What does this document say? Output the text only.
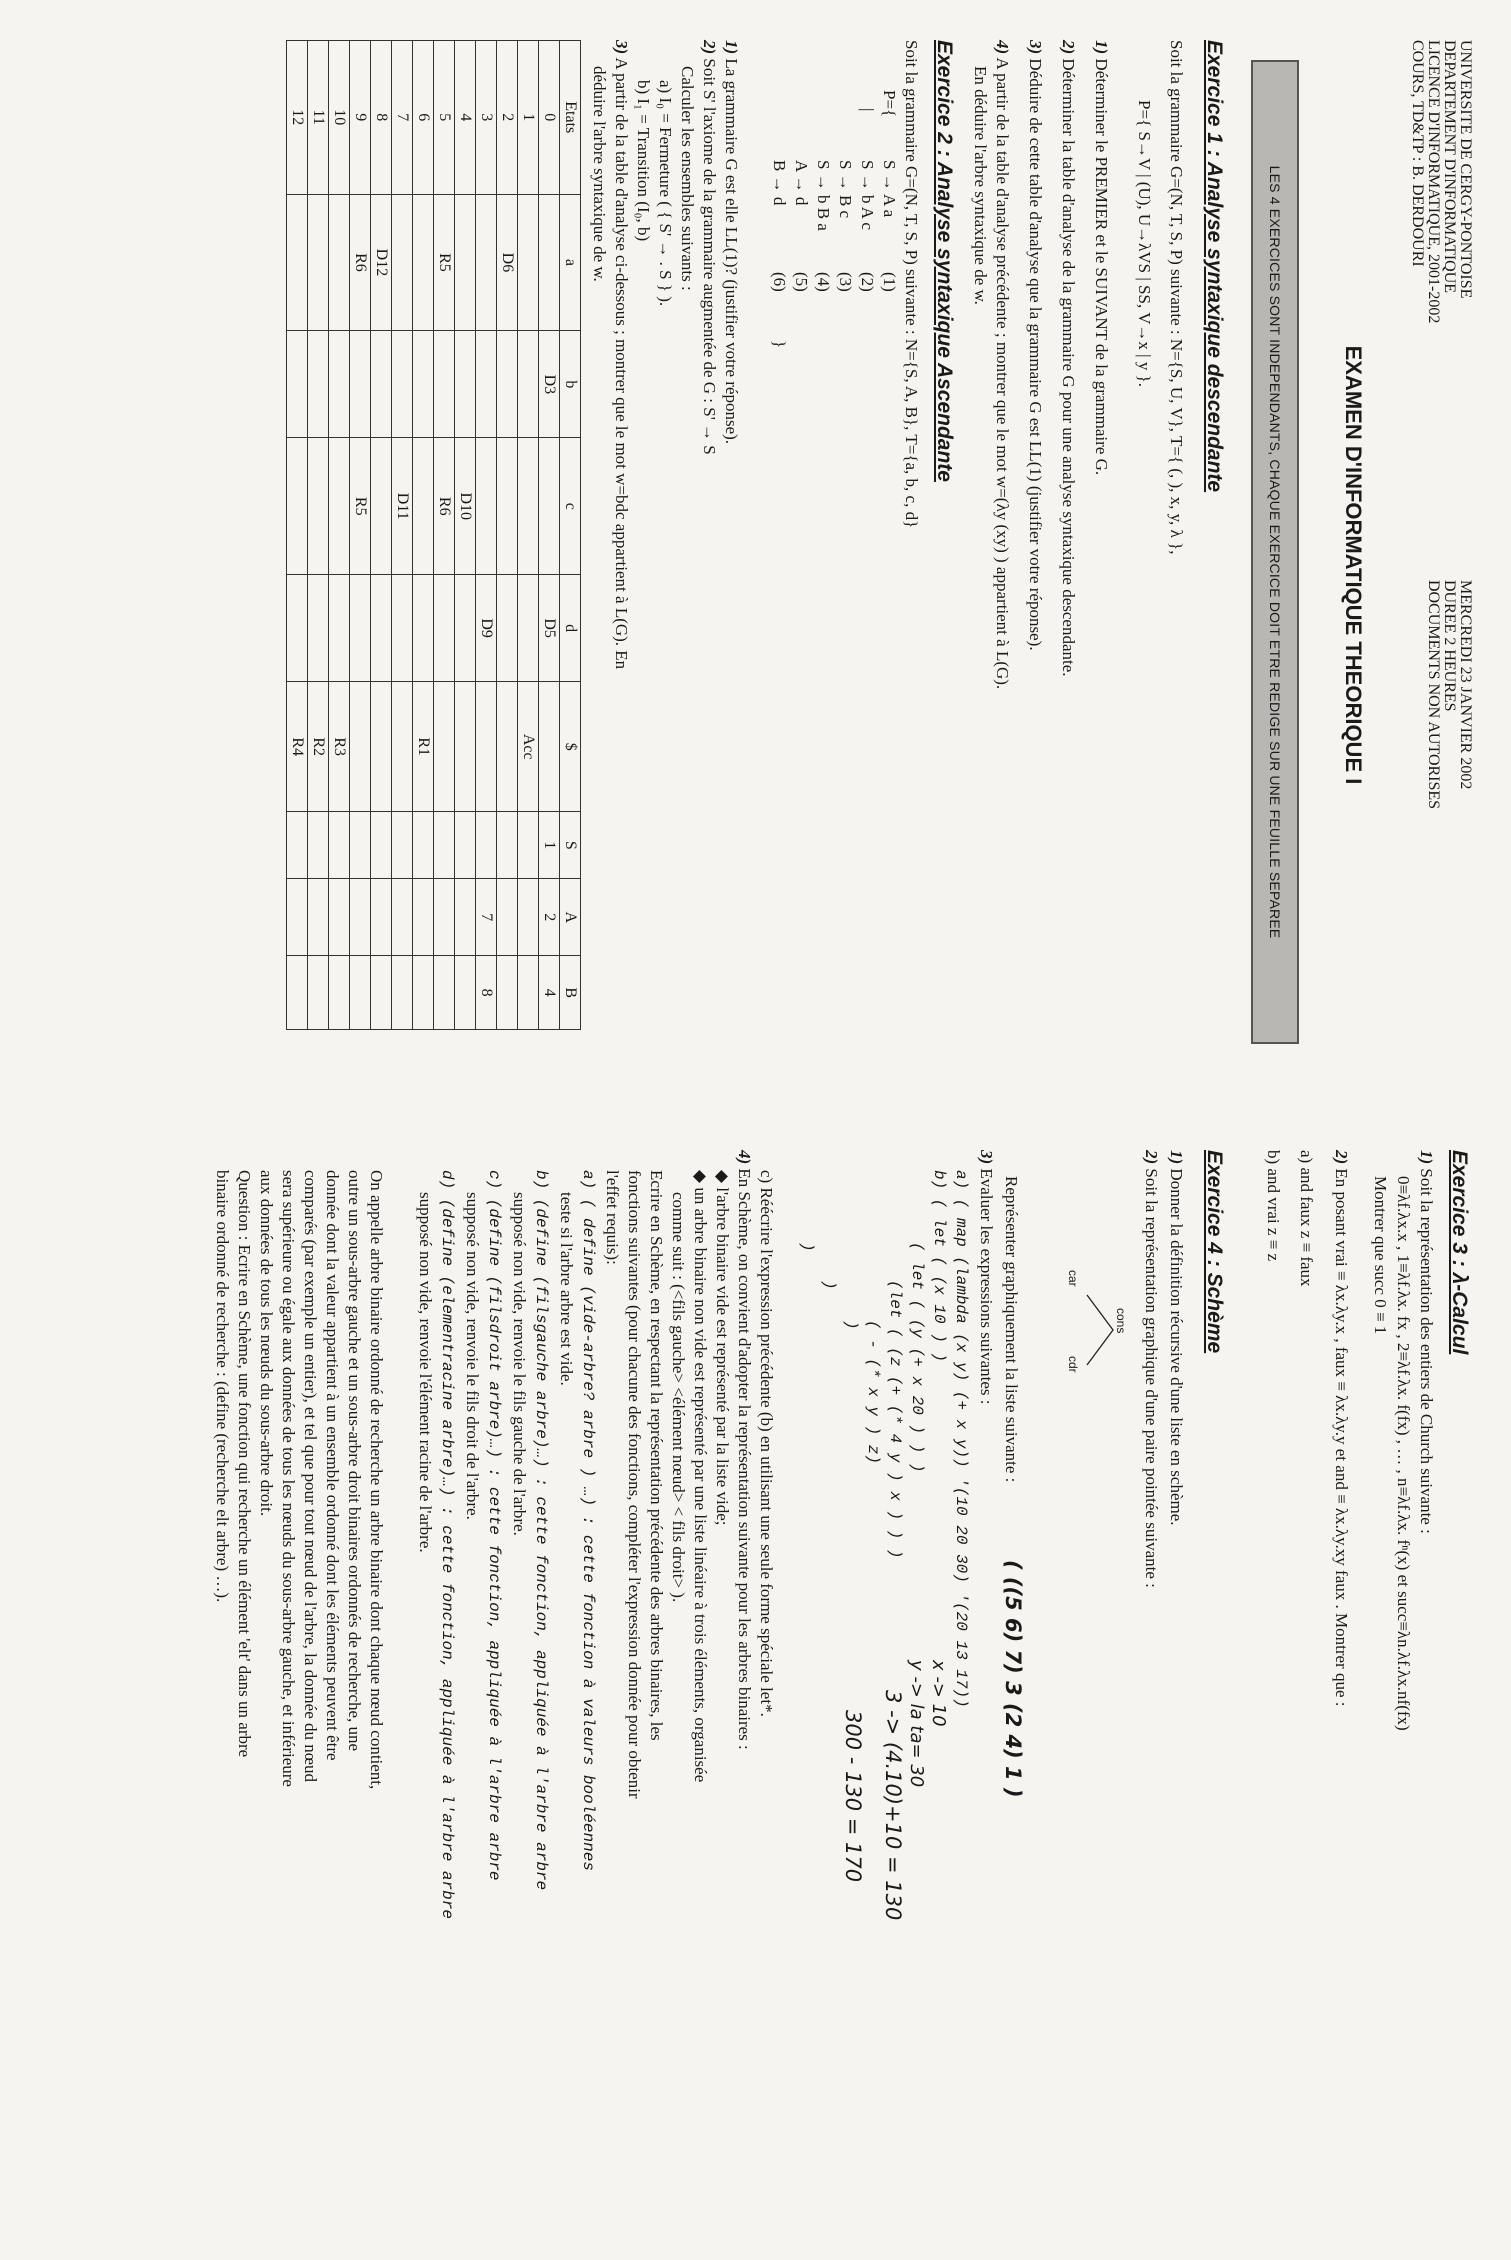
UNIVERSITE DE CERGY-PONTOISE
DEPARTEMENT D'INFORMATIQUE
LICENCE D'INFORMATIQUE, 2001-2002
COURS, TD&TP : B. DERDOURI
MERCREDI 23 JANVIER 2002
DUREE 2 HEURES
DOCUMENTS NON AUTORISES
EXAMEN D'INFORMATIQUE THEORIQUE I
LES 4 EXERCICES SONT INDEPENDANTS, CHAQUE EXERCICE DOIT ETRE REDIGE SUR UNE FEUILLE SEPAREE
Exercice 1 : Analyse syntaxique descendante
Soit la grammaire G=(N, T, S, P) suivante : N={S, U, V}, T={ (, ), x, y, λ },
P={ S→V | (U), U→λVS | SS, V→x | y }.
1) Déterminer le PREMIER et le SUIVANT de la grammaire G.
2) Déterminer la table d'analyse de la grammaire G pour une analyse syntaxique descendante.
3) Déduire de cette table d'analyse que la grammaire G est LL(1) (justifier votre réponse).
4) A partir de la table d'analyse précédente ; montrer que le mot w=(λy (xy) ) appartient à L(G).
En déduire l'arbre syntaxique de w.
Exercice 2 : Analyse syntaxique Ascendante
Soit la grammaire G=(N, T, S, P) suivante : N={S, A, B}, T={a, b, c, d}
P={
|
S → A a
(1)
S → b A c
(2)
S → B c
(3)
S → b B a
(4)
A → d
(5)
B → d
(6)
}
1) La grammaire G est elle LL(1)? (justifier votre réponse).
2) Soit S' l'axiome de la grammaire augmentée de G : S' → S
Calculer les ensembles suivants :
a) I₀ = Fermeture ( { S' → . S } ).
b) I₁ = Transition (I₀, b)
3) A partir de la table d'analyse ci-dessous ; montrer que le mot w=bdc appartient à L(G). En
déduire l'arbre syntaxique de w.
Etats	a	b	c	d	$	S	A	B
0		D3		D5		1	2	4
1					Acc			
2	D6							
3				D9			7	8
4			D10					
5	R5		R6					
6					R1			
7			D11					
8	D12							
9	R6		R5					
10					R3			
11					R2			
12					R4			
Exercice 3 : λ-Calcul
1) Soit la représentation des entiers de Church suivante :
0≡λf.λx.x , 1≡λf.λx. fx , 2≡λf.λx. f(fx) , … , n≡λf.λx. fⁿ(x) et succ≡λn.λf.λx.nf(fx)
Montrer que succ 0 ≡ 1
2) En posant vrai ≡ λx.λy.x , faux ≡ λx.λy.y et and ≡ λx.λy.xy faux . Montrer que :
a) and faux z ≡ faux
b) and vrai z ≡ z
Exercice 4 : Schème
1) Donner la définition récursive d'une liste en schème.
2) Soit la représentation graphique d'une paire pointée suivante :
cons
car
cdr
Représenter graphiquement la liste suivante :
( ((5 6) 7) 3 (2 4) 1 )
3) Evaluer les expressions suivantes :
a) ( map (lambda (x y) (+ x y)) '(10 20 30) '(20 13 17))
b) ( let ( (x 10 ) )
( let ( (y (+ x 20 ) ) )
(let ( (z (+ (* 4 y ) x ) ) )
( - (* x y ) z)
)
)
)
x -> 10
y -> la ta= 30
3 -> (4.10)+10 = 130
300 - 130 = 170
c) Réécrire l'expression précédente (b) en utilisant une seule forme spéciale let*.
4) En Schème, on convient d'adopter la représentation suivante pour les arbres binaires :
◆ l'arbre binaire vide est représenté par la liste vide;
◆ un arbre binaire non vide est représenté par une liste linéaire à trois éléments, organisée
comme suit : (<fils gauche> <élément nœud> < fils droit> ).
Ecrire en Schème, en respectant la représentation précédente des arbres binaires, les
fonctions suivantes (pour chacune des fonctions, compléter l'expression donnée pour obtenir
l'effet requis):
a) ( define (vide-arbre? arbre ) …) : cette fonction à valeurs booléennes
teste si l'arbre arbre est vide.
b) (define (filsgauche arbre)…) : cette fonction, appliquée à l'arbre arbre
supposé non vide, renvoie le fils gauche de l'arbre.
c) (define (filsdroit arbre)…) : cette fonction, appliquée à l'arbre arbre
supposé non vide, renvoie le fils droit de l'arbre.
d) (define (elementracine arbre)…) : cette fonction, appliquée à l'arbre arbre
supposé non vide, renvoie l'élément racine de l'arbre.
On appelle arbre binaire ordonné de recherche un arbre binaire dont chaque nœud contient,
outre un sous-arbre gauche et un sous-arbre droit binaires ordonnés de recherche, une
donnée dont la valeur appartient à un ensemble ordonné dont les éléments peuvent être
comparés (par exemple un entier), et tel que pour tout nœud de l'arbre, la donnée du nœud
sera supérieure ou égale aux données de tous les nœuds du sous-arbre gauche, et inférieure
aux données de tous les nœuds du sous-arbre droit.
Question : Ecrire en Schème, une fonction qui recherche un élément 'elt' dans un arbre
binaire ordonné de recherche : (define (recherche elt arbre) …).
